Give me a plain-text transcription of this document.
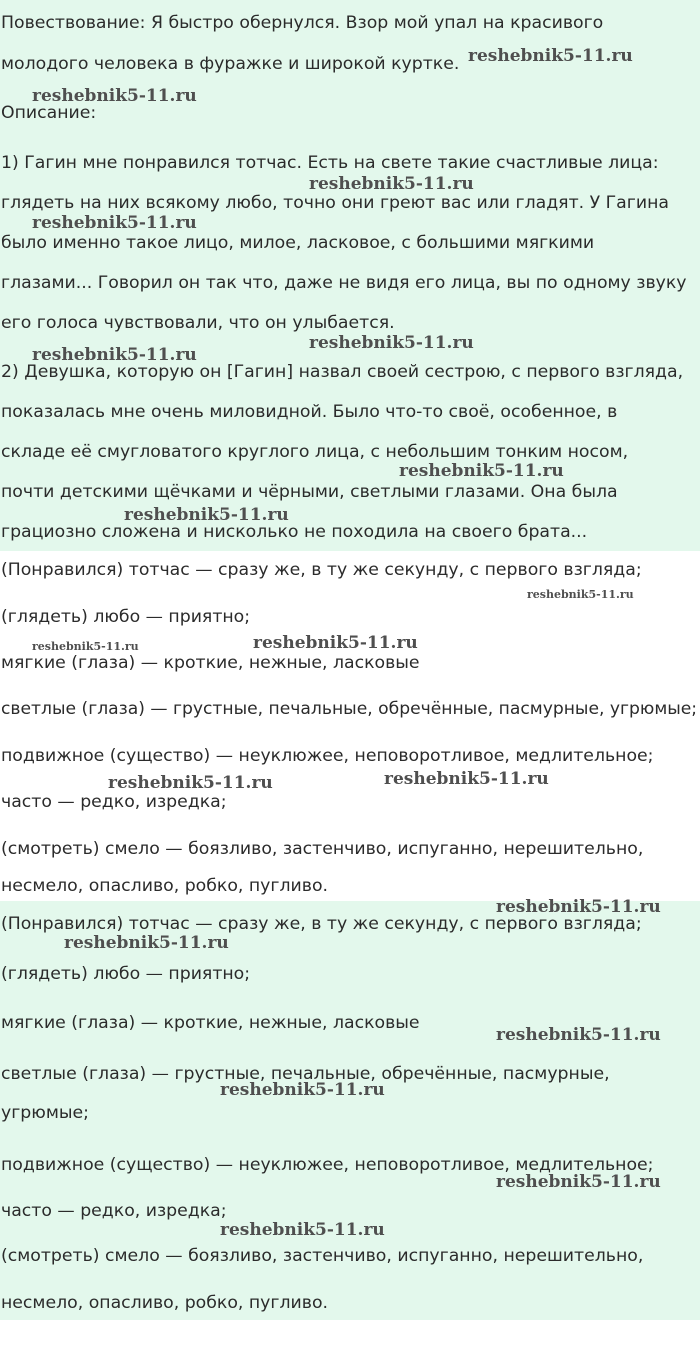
Повествование: Я быстро обернулся. Взор мой упал на красивого
молодого человека в фуражке и широкой куртке.
Описание:
1) Гагин мне понравился тотчас. Есть на свете такие счастливые лица:
глядеть на них всякому любо, точно они греют вас или гладят. У Гагина
было именно такое лицо, милое, ласковое, с большими мягкими
глазами... Говорил он так что, даже не видя его лица, вы по одному звуку
его голоса чувствовали, что он улыбается.
2) Девушка, которую он [Гагин] назвал своей сестрою, с первого взгляда,
показалась мне очень миловидной. Было что-то своё, особенное, в
складе её смугловатого круглого лица, с небольшим тонким носом,
почти детскими щёчками и чёрными, светлыми глазами. Она была
грациозно сложена и нисколько не походила на своего брата...
(Понравился) тотчас — сразу же, в ту же секунду, с первого взгляда;
(глядеть) любо — приятно;
мягкие (глаза) — кроткие, нежные, ласковые
светлые (глаза) — грустные, печальные, обречённые, пасмурные, угрюмые;
подвижное (существо) — неуклюжее, неповоротливое, медлительное;
часто — редко, изредка;
(смотреть) смело — боязливо, застенчиво, испуганно, нерешительно,
несмело, опасливо, робко, пугливо.
(Понравился) тотчас — сразу же, в ту же секунду, с первого взгляда;
(глядеть) любо — приятно;
мягкие (глаза) — кроткие, нежные, ласковые
светлые (глаза) — грустные, печальные, обречённые, пасмурные,
угрюмые;
подвижное (существо) — неуклюжее, неповоротливое, медлительное;
часто — редко, изредка;
(смотреть) смело — боязливо, застенчиво, испуганно, нерешительно,
несмело, опасливо, робко, пугливо.
reshebnik5-11.ru
reshebnik5-11.ru
reshebnik5-11.ru
reshebnik5-11.ru
reshebnik5-11.ru
reshebnik5-11.ru
reshebnik5-11.ru
reshebnik5-11.ru
reshebnik5-11.ru
reshebnik5-11.ru	reshebnik5-11.ru
reshebnik5-11.ru	reshebnik5-11.ru
reshebnik5-11.ru
reshebnik5-11.ru
reshebnik5-11.ru
reshebnik5-11.ru
reshebnik5-11.ru
reshebnik5-11.ru
